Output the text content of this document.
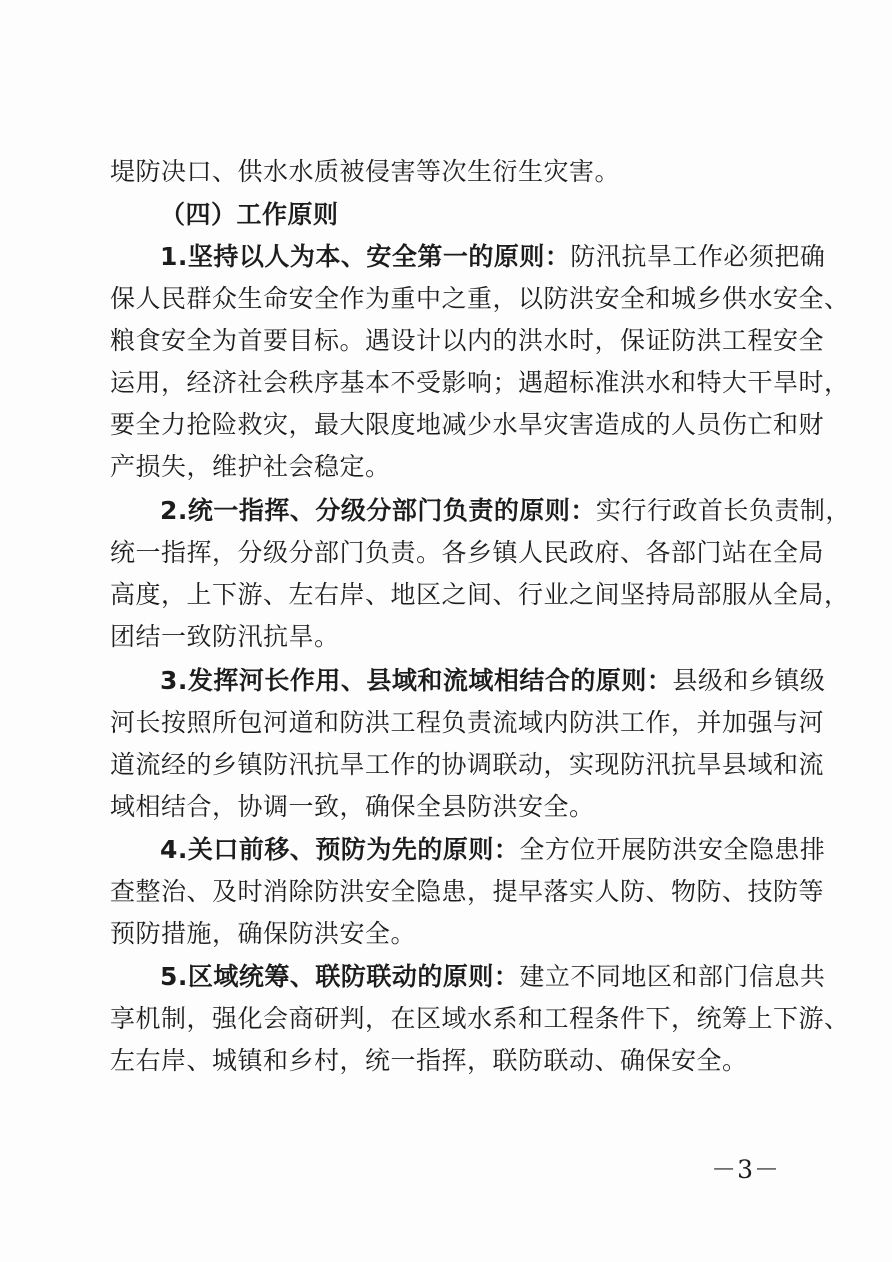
堤防决口、供水水质被侵害等次生衍生灾害。
（四）工作原则
1.坚持以人为本、安全第一的原则：防汛抗旱工作必须把确
保人民群众生命安全作为重中之重，以防洪安全和城乡供水安全、
粮食安全为首要目标。遇设计以内的洪水时，保证防洪工程安全
运用，经济社会秩序基本不受影响；遇超标准洪水和特大干旱时，
要全力抢险救灾，最大限度地减少水旱灾害造成的人员伤亡和财
产损失，维护社会稳定。
2.统一指挥、分级分部门负责的原则：实行行政首长负责制，
统一指挥，分级分部门负责。各乡镇人民政府、各部门站在全局
高度，上下游、左右岸、地区之间、行业之间坚持局部服从全局，
团结一致防汛抗旱。
3.发挥河长作用、县域和流域相结合的原则：县级和乡镇级
河长按照所包河道和防洪工程负责流域内防洪工作，并加强与河
道流经的乡镇防汛抗旱工作的协调联动，实现防汛抗旱县域和流
域相结合，协调一致，确保全县防洪安全。
4.关口前移、预防为先的原则：全方位开展防洪安全隐患排
查整治、及时消除防洪安全隐患，提早落实人防、物防、技防等
预防措施，确保防洪安全。
5.区域统筹、联防联动的原则：建立不同地区和部门信息共
享机制，强化会商研判，在区域水系和工程条件下，统筹上下游、
左右岸、城镇和乡村，统一指挥，联防联动、确保安全。
－3－
